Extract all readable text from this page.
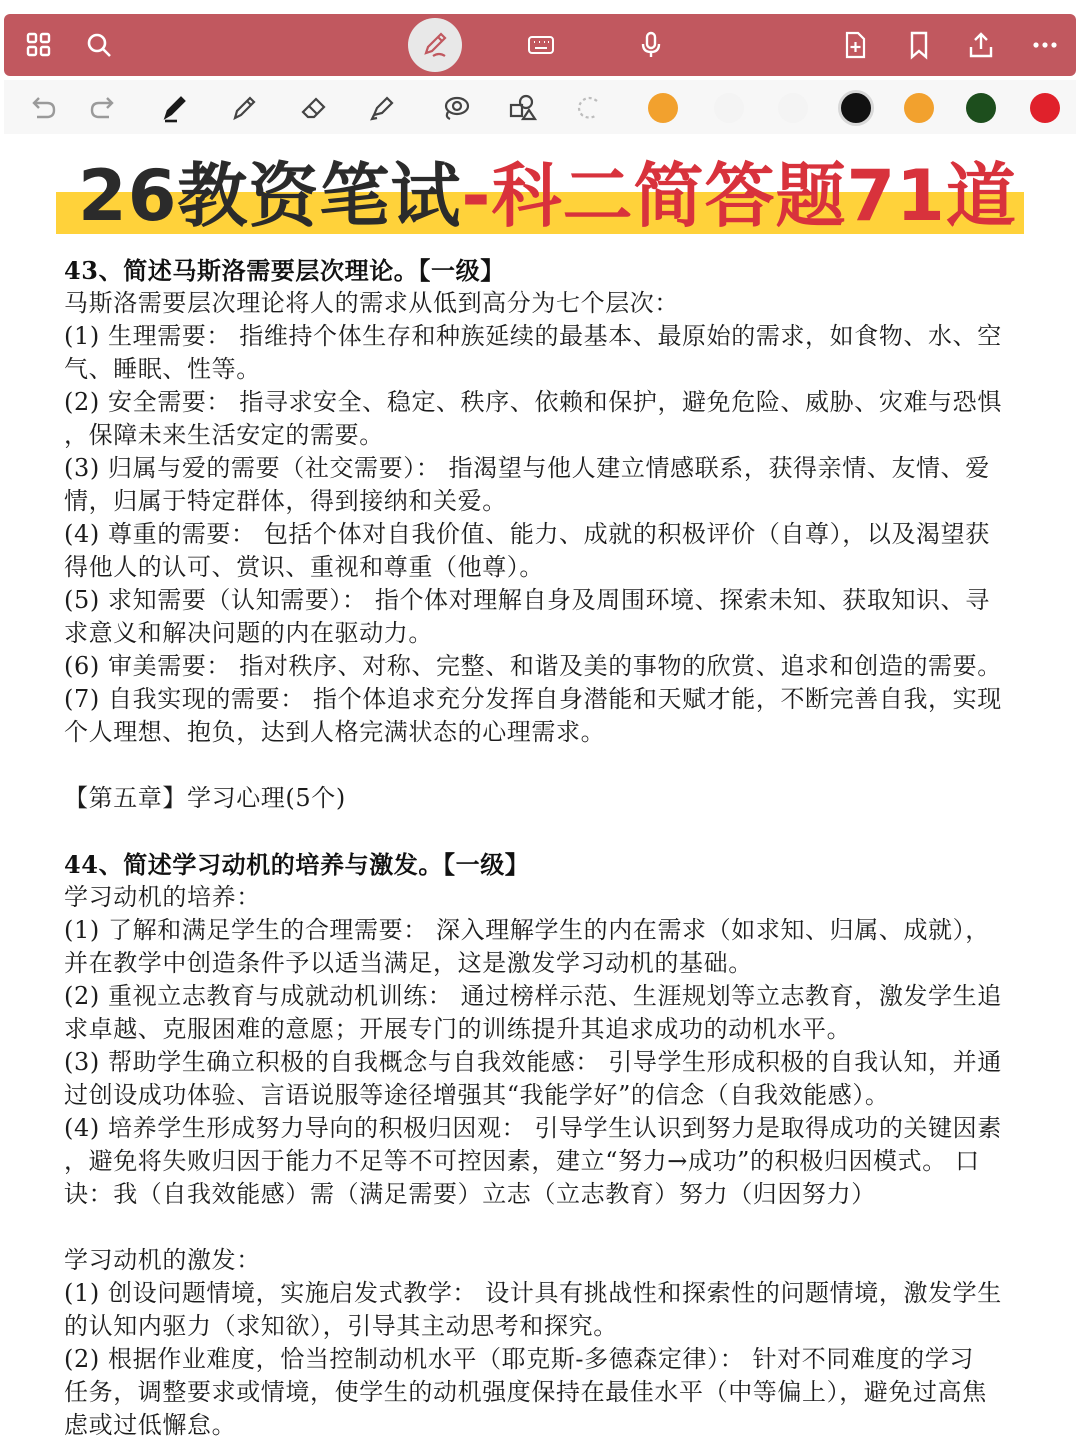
26教资笔试-科二简答题71道
43、简述马斯洛需要层次理论。【一级】
马斯洛需要层次理论将人的需求从低到高分为七个层次：
(1) 生理需要： 指维持个体生存和种族延续的最基本、最原始的需求，如食物、水、空
气、睡眠、性等。
(2) 安全需要： 指寻求安全、稳定、秩序、依赖和保护，避免危险、威胁、灾难与恐惧
，保障未来生活安定的需要。
(3) 归属与爱的需要（社交需要）： 指渴望与他人建立情感联系，获得亲情、友情、爱
情，归属于特定群体，得到接纳和关爱。
(4) 尊重的需要： 包括个体对自我价值、能力、成就的积极评价（自尊），以及渴望获
得他人的认可、赏识、重视和尊重（他尊）。
(5) 求知需要（认知需要）： 指个体对理解自身及周围环境、探索未知、获取知识、寻
求意义和解决问题的内在驱动力。
(6) 审美需要： 指对秩序、对称、完整、和谐及美的事物的欣赏、追求和创造的需要。
(7) 自我实现的需要： 指个体追求充分发挥自身潜能和天赋才能，不断完善自我，实现
个人理想、抱负，达到人格完满状态的心理需求。
【第五章】学习心理(5个)
44、简述学习动机的培养与激发。【一级】
学习动机的培养：
(1) 了解和满足学生的合理需要： 深入理解学生的内在需求（如求知、归属、成就），
并在教学中创造条件予以适当满足，这是激发学习动机的基础。
(2) 重视立志教育与成就动机训练： 通过榜样示范、生涯规划等立志教育，激发学生追
求卓越、克服困难的意愿；开展专门的训练提升其追求成功的动机水平。
(3) 帮助学生确立积极的自我概念与自我效能感： 引导学生形成积极的自我认知，并通
过创设成功体验、言语说服等途径增强其“我能学好”的信念（自我效能感）。
(4) 培养学生形成努力导向的积极归因观： 引导学生认识到努力是取得成功的关键因素
，避免将失败归因于能力不足等不可控因素，建立“努力→成功”的积极归因模式。 口
诀：我（自我效能感）需（满足需要）立志（立志教育）努力（归因努力）
学习动机的激发：
(1) 创设问题情境，实施启发式教学： 设计具有挑战性和探索性的问题情境，激发学生
的认知内驱力（求知欲），引导其主动思考和探究。
(2) 根据作业难度，恰当控制动机水平（耶克斯-多德森定律）： 针对不同难度的学习
任务，调整要求或情境，使学生的动机强度保持在最佳水平（中等偏上），避免过高焦
虑或过低懈怠。
